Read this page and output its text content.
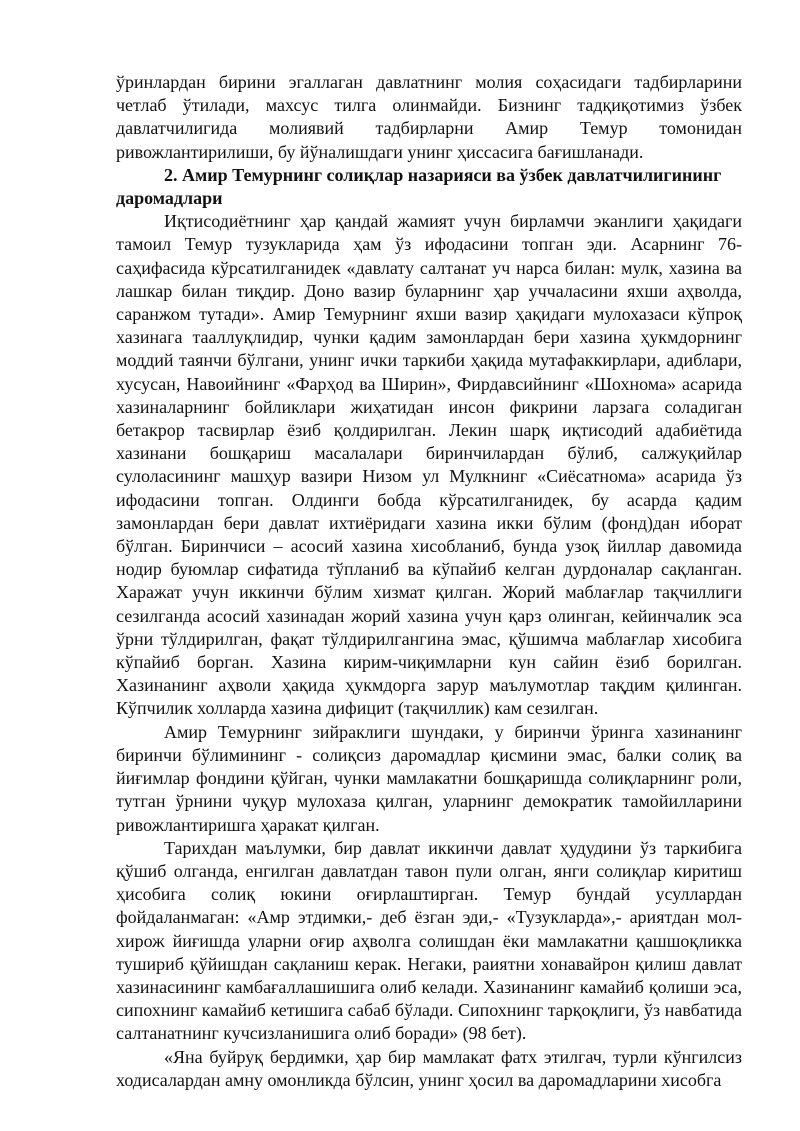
ўринлардан бирини эгаллаган давлатнинг молия соҳасидаги тадбирларини четлаб ўтилади, махсус тилга олинмайди. Бизнинг тадқиқотимиз ўзбек давлатчилигида молиявий тадбирларни Амир Темур томонидан ривожлантирилиши, бу йўналишдаги унинг ҳиссасига бағишланади.

2. Амир Темурнинг солиқлар назарияси ва ўзбек давлатчилигининг даромадлари

Иқтисодиётнинг ҳар қандай жамият учун бирламчи эканлиги ҳақидаги тамоил Темур тузукларида ҳам ўз ифодасини топган эди. Асарнинг 76-саҳифасида кўрсатилганидек «давлату салтанат уч нарса билан: мулк, хазина ва лашкар билан тиқдир. Доно вазир буларнинг ҳар уччаласини яхши аҳволда, саранжом тутади». Амир Темурнинг яхши вазир ҳақидаги мулохазаси кўпроқ хазинага тааллуқлидир, чунки қадим замонлардан бери хазина ҳукмдорнинг моддий таянчи бўлгани, унинг ички таркиби ҳақида мутафаккирлари, адиблари, хусусан, Навоийнинг «Фарҳод ва Ширин», Фирдавсийнинг «Шохнома» асарида хазиналарнинг бойликлари жиҳатидан инсон фикрини ларзага соладиган бетакрор тасвирлар ёзиб қолдирилган. Лекин шарқ иқтисодий адабиётида хазинани бошқариш масалалари биринчилардан бўлиб, салжуқийлар сулоласининг машҳур вазири Низом ул Мулкнинг «Сиёсатнома» асарида ўз ифодасини топган. Олдинги бобда кўрсатилганидек, бу асарда қадим замонлардан бери давлат ихтиёридаги хазина икки бўлим (фонд)дан иборат бўлган. Биринчиси – асосий хазина хисобланиб, бунда узоқ йиллар давомида нодир буюмлар сифатида тўпланиб ва кўпайиб келган дурдоналар сақланган. Харажат учун иккинчи бўлим хизмат қилган. Жорий маблағлар тақчиллиги сезилганда асосий хазинадан жорий хазина учун қарз олинган, кейинчалик эса ўрни тўлдирилган, фақат тўлдирилгангина эмас, қўшимча маблағлар хисобига кўпайиб борган. Хазина кирим-чиқимларни кун сайин ёзиб борилган. Хазинанинг аҳволи ҳақида ҳукмдорга зарур маълумотлар тақдим қилинган. Кўпчилик холларда хазина дифицит (тақчиллик) кам сезилган.

Амир Темурнинг зийраклиги шундаки, у биринчи ўринга хазинанинг биринчи бўлимининг - солиқсиз даромадлар қисмини эмас, балки солиқ ва йиғимлар фондини қўйган, чунки мамлакатни бошқаришда солиқларнинг роли, тутган ўрнини чуқур мулохаза қилган, уларнинг демократик тамойилларини ривожлантиришга ҳаракат қилган.

Тарихдан маълумки, бир давлат иккинчи давлат ҳудудини ўз таркибига қўшиб олганда, енгилган давлатдан тавон пули олган, янги солиқлар киритиш ҳисобига солиқ юкини оғирлаштирган. Темур бундай усуллардан фойдаланмаган: «Амр этдимки,- деб ёзган эди,- «Тузукларда»,- ариятдан мол-хирож йиғишда уларни оғир аҳволга солишдан ёки мамлакатни қашшоқликка тушириб қўйишдан сақланиш керак. Негаки, раиятни хонавайрон қилиш давлат хазинасининг камбағаллашишига олиб келади. Хазинанинг камайиб қолиши эса, сипохнинг камайиб кетишига сабаб бўлади. Сипохнинг тарқоқлиги, ўз навбатида салтанатнинг кучсизланишига олиб боради» (98 бет).

«Яна буйруқ бердимки, ҳар бир мамлакат фатх этилгач, турли кўнгилсиз ходисалардан амну омонликда бўлсин, унинг ҳосил ва даромадларини хисобга
